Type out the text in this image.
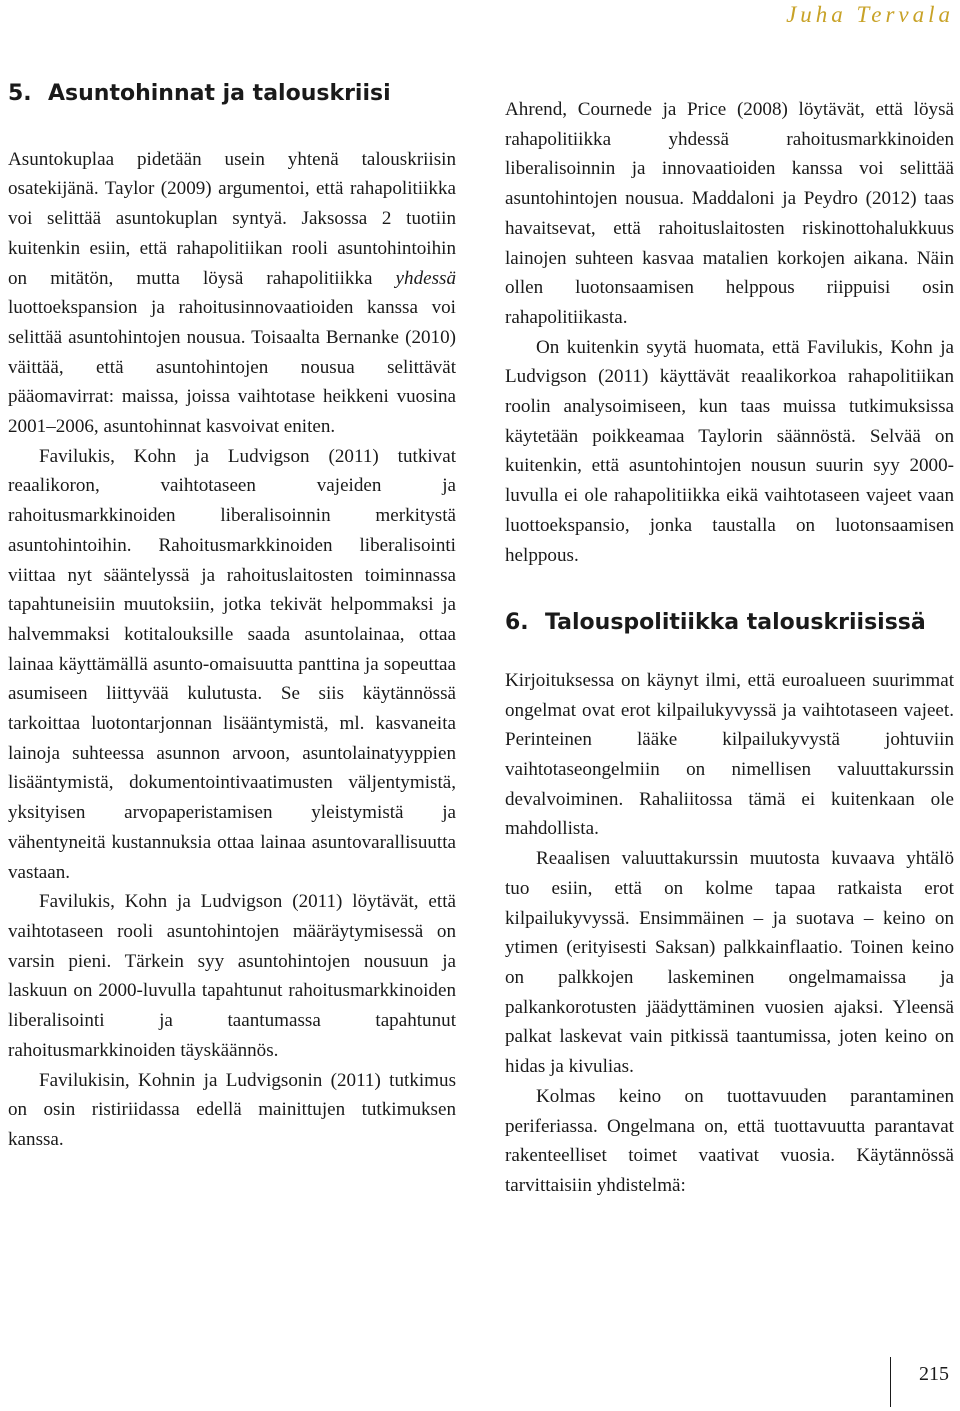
Juha Tervala
5. Asuntohinnat ja talouskriisi

Asuntokuplaa pidetään usein yhtenä talouskriisin osatekijänä. Taylor (2009) argumentoi, että rahapolitiikka voi selittää asuntokuplan syntyä. Jaksossa 2 tuotiin kuitenkin esiin, että rahapolitiikan rooli asuntohintoihin on mitätön, mutta löysä rahapolitiikka yhdessä luottoekspansion ja rahoitusinnovaatioiden kanssa voi selittää asuntohintojen nousua. Toisaalta Bernanke (2010) väittää, että asuntohintojen nousua selittävät pääomavirrat: maissa, joissa vaihtotase heikkeni vuosina 2001–2006, asuntohinnat kasvoivat eniten.

Favilukis, Kohn ja Ludvigson (2011) tutkivat reaalikoron, vaihtotaseen vajeiden ja rahoitusmarkkinoiden liberalisoinnin merkitystä asuntohintoihin. Rahoitusmarkkinoiden liberalisointi viittaa nyt sääntelyssä ja rahoituslaitosten toiminnassa tapahtuneisiin muutoksiin, jotka tekivät helpommaksi ja halvemmaksi kotitalouksille saada asuntolainaa, ottaa lainaa käyttämällä asunto-omaisuutta panttina ja sopeuttaa asumiseen liittyvää kulutusta. Se siis käytännössä tarkoittaa luotontarjonnan lisääntymistä, ml. kasvaneita lainoja suhteessa asunnon arvoon, asuntolainatyyppien lisääntymistä, dokumentointivaatimusten väljentymistä, yksityisen arvopaperistamisen yleistymistä ja vähentyneitä kustannuksia ottaa lainaa asuntovarallisuutta vastaan.

Favilukis, Kohn ja Ludvigson (2011) löytävät, että vaihtotaseen rooli asuntohintojen määräytymisessä on varsin pieni. Tärkein syy asuntohintojen nousuun ja laskuun on 2000-luvulla tapahtunut rahoitusmarkkinoiden liberalisointi ja taantumassa tapahtunut rahoitusmarkkinoiden täyskäännös.

Favilukisin, Kohnin ja Ludvigsonin (2011) tutkimus on osin ristiriidassa edellä mainittujen tutkimuksen kanssa.

Ahrend, Cournede ja Price (2008) löytävät, että löysä rahapolitiikka yhdessä rahoitusmarkkinoiden liberalisoinnin ja innovaatioiden kanssa voi selittää asuntohintojen nousua. Maddaloni ja Peydro (2012) taas havaitsevat, että rahoituslaitosten riskinottohalukkuus lainojen suhteen kasvaa matalien korkojen aikana. Näin ollen luotonsaamisen helppous riippuisi osin rahapolitiikasta.

On kuitenkin syytä huomata, että Favilukis, Kohn ja Ludvigson (2011) käyttävät reaalikorkoa rahapolitiikan roolin analysoimiseen, kun taas muissa tutkimuksissa käytetään poikkeamaa Taylorin säännöstä. Selvää on kuitenkin, että asuntohintojen nousun suurin syy 2000-luvulla ei ole rahapolitiikka eikä vaihtotaseen vajeet vaan luottoekspansio, jonka taustalla on luotonsaamisen helppous.

6. Talouspolitiikka talouskriisissä

Kirjoituksessa on käynyt ilmi, että euroalueen suurimmat ongelmat ovat erot kilpailukyvyssä ja vaihtotaseen vajeet. Perinteinen lääke kilpailukyvystä johtuviin vaihtotaseongelmiin on nimellisen valuuttakurssin devalvoiminen. Rahaliitossa tämä ei kuitenkaan ole mahdollista.

Reaalisen valuuttakurssin muutosta kuvaava yhtälö tuo esiin, että on kolme tapaa ratkaista erot kilpailukyvyssä. Ensimmäinen – ja suotava – keino on ytimen (erityisesti Saksan) palkkainflaatio. Toinen keino on palkkojen laskeminen ongelmamaissa ja palkankorotusten jäädyttäminen vuosien ajaksi. Yleensä palkat laskevat vain pitkissä taantumissa, joten keino on hidas ja kivulias.

Kolmas keino on tuottavuuden parantaminen periferiassa. Ongelmana on, että tuottavuutta parantavat rakenteelliset toimet vaativat vuosia. Käytännössä tarvittaisiin yhdistelmä:

215
